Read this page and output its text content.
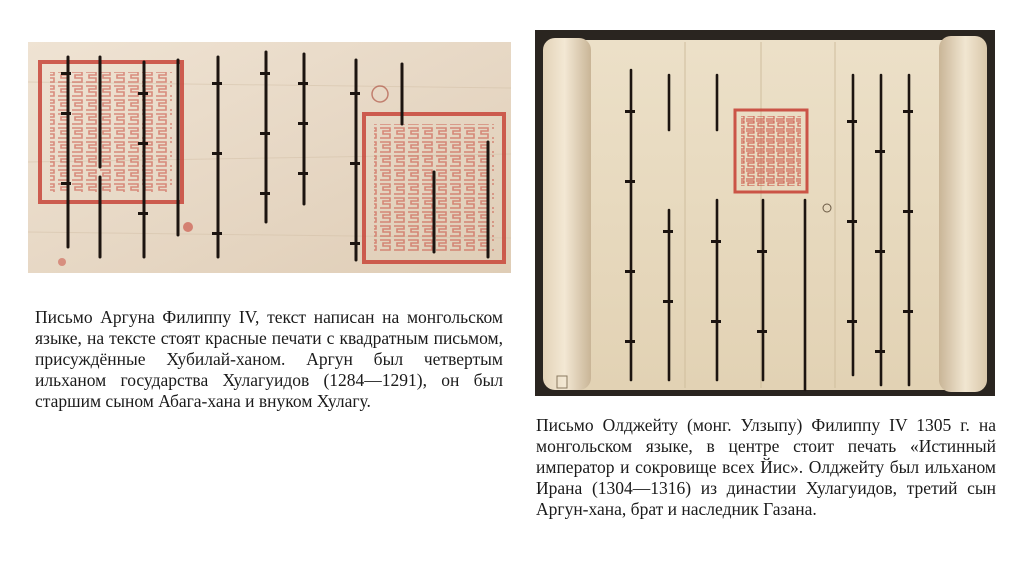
Письмо Аргуна Филиппу IV, текст написан на монгольском языке, на тексте стоят красные печати с квадратным письмом, присуждённые Хубилай-ханом. Аргун был четвертым ильханом государства Хулагуидов (1284—1291), он был старшим сыном Абага-хана и внуком Хулагу.

Письмо Олджейту (монг. Улзыпу) Филиппу IV 1305 г. на монгольском языке, в центре стоит печать «Истинный император и сокровище всех Йис». Олджейту был ильханом Ирана (1304—1316) из династии Хулагуидов, третий сын Аргун-хана, брат и наследник Газана.
